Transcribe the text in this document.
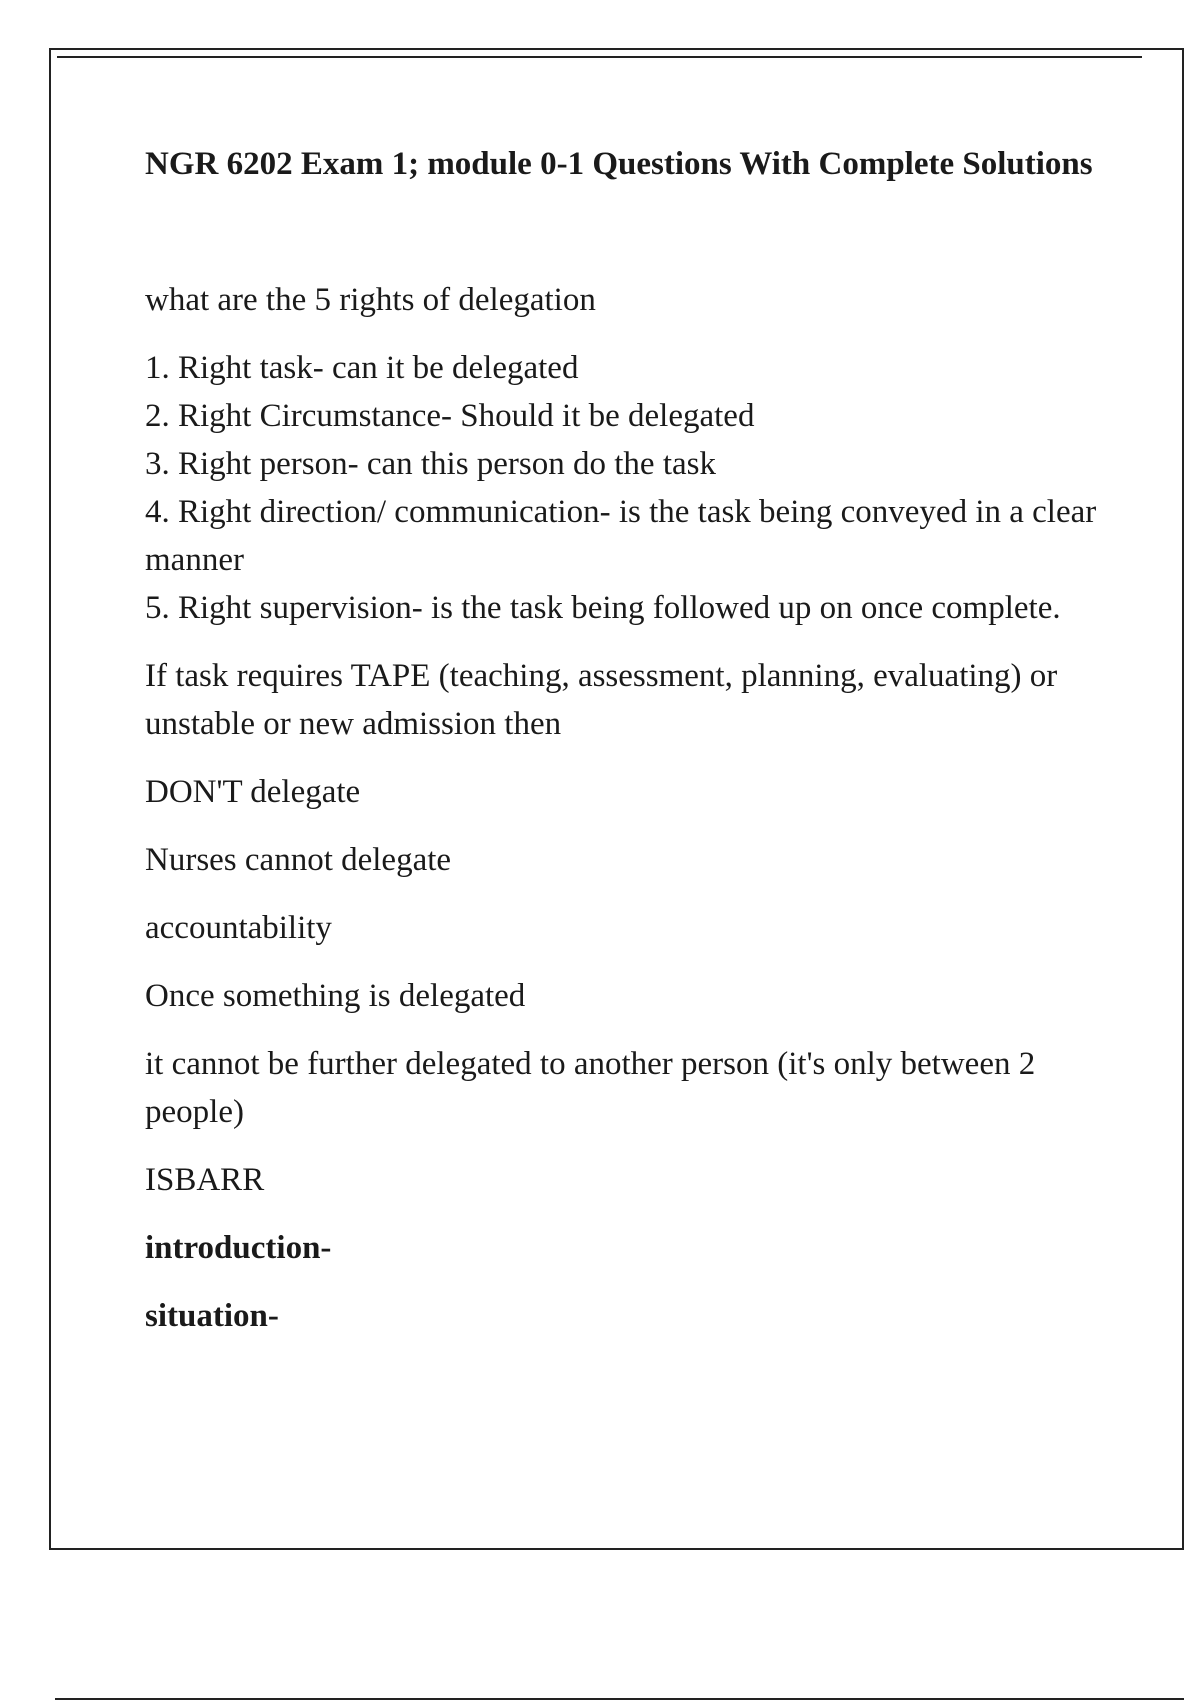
NGR 6202 Exam 1; module 0-1 Questions With Complete Solutions

what are the 5 rights of delegation

1. Right task- can it be delegated
2. Right Circumstance- Should it be delegated
3. Right person- can this person do the task
4. Right direction/ communication- is the task being conveyed in a clear manner
5. Right supervision- is the task being followed up on once complete.

If task requires TAPE (teaching, assessment, planning, evaluating) or unstable or new admission then

DON'T delegate

Nurses cannot delegate

accountability

Once something is delegated

it cannot be further delegated to another person (it's only between 2 people)

ISBARR

introduction-

situation-
